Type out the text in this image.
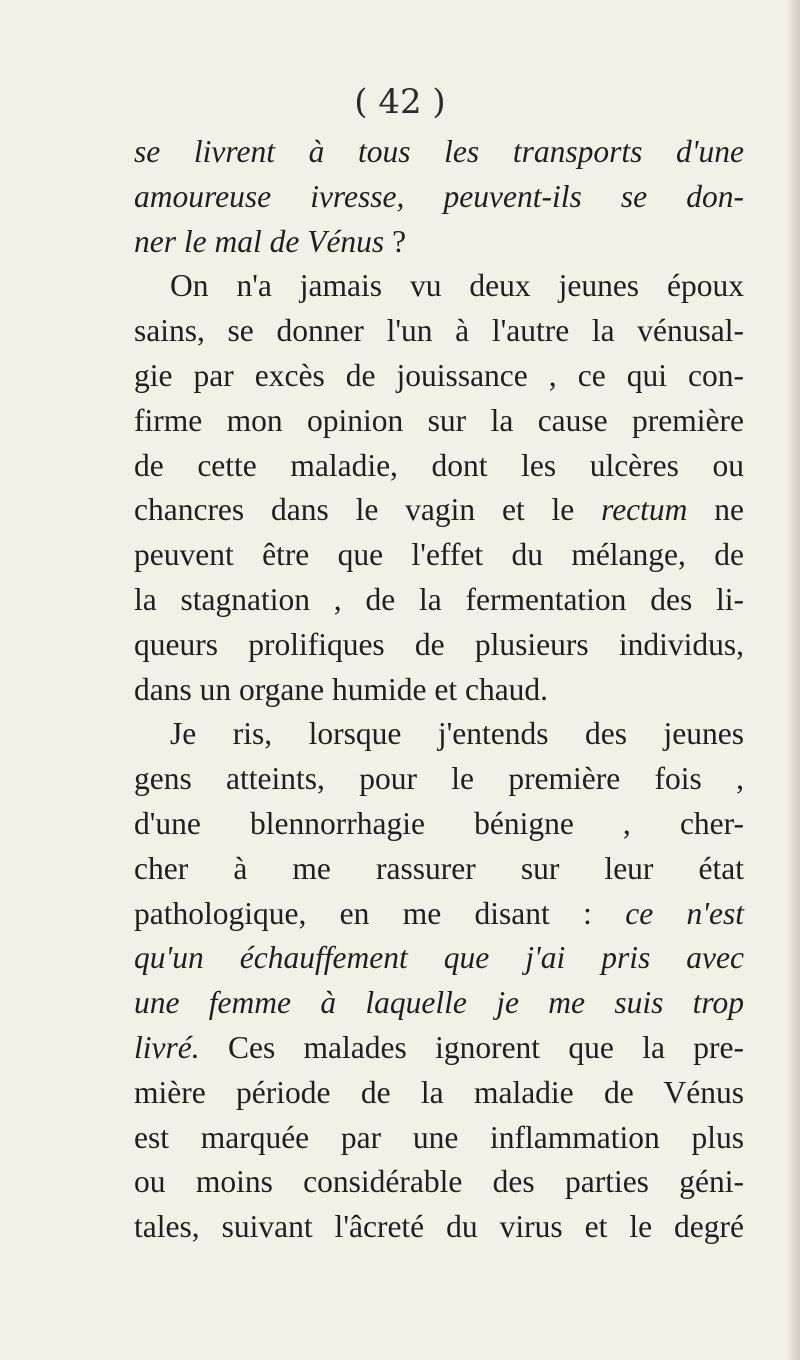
( 42 )
se livrent à tous les transports d'une
amoureuse ivresse, peuvent-ils se don-
ner le mal de Vénus ?
On n'a jamais vu deux jeunes époux
sains, se donner l'un à l'autre la vénusal-
gie par excès de jouissance , ce qui con-
firme mon opinion sur la cause première
de cette maladie, dont les ulcères ou
chancres dans le vagin et le rectum ne
peuvent être que l'effet du mélange, de
la stagnation , de la fermentation des li-
queurs prolifiques de plusieurs individus,
dans un organe humide et chaud.
Je ris, lorsque j'entends des jeunes
gens atteints, pour le première fois ,
d'une blennorrhagie bénigne , cher-
cher à me rassurer sur leur état
pathologique, en me disant : ce n'est
qu'un échauffement que j'ai pris avec
une femme à laquelle je me suis trop
livré. Ces malades ignorent que la pre-
mière période de la maladie de Vénus
est marquée par une inflammation plus
ou moins considérable des parties géni-
tales, suivant l'âcreté du virus et le degré
